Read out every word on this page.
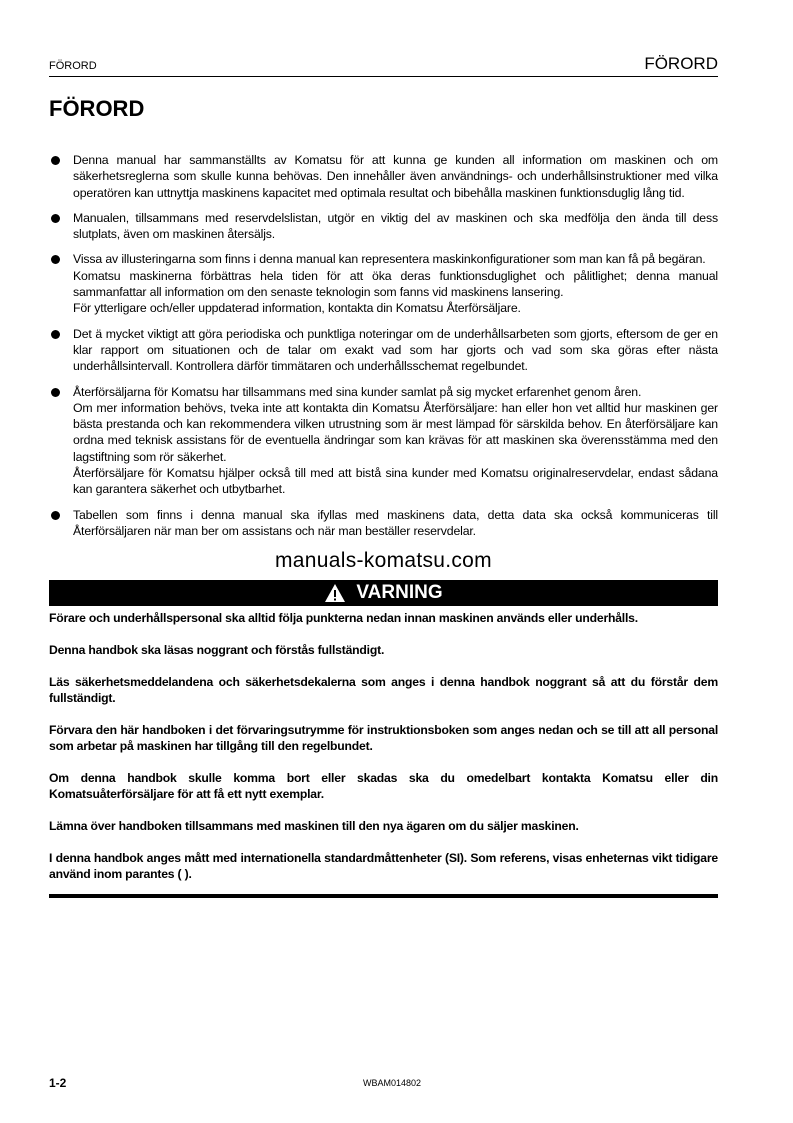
FÖRORD	FÖRORD
FÖRORD
Denna manual har sammanställts av Komatsu för att kunna ge kunden all information om maskinen och om säkerhetsreglerna som skulle kunna behövas. Den innehåller även användnings- och underhållsinstruktioner med vilka operatören kan uttnyttja maskinens kapacitet med optimala resultat och bibehålla maskinen funktionsduglig lång tid.
Manualen, tillsammans med reservdelslistan, utgör en viktig del av maskinen och ska medfölja den ända till dess slutplats, även om maskinen återsäljs.
Vissa av illusteringarna som finns i denna manual kan representera maskinkonfigurationer som man kan få på begäran.
Komatsu maskinerna förbättras hela tiden för att öka deras funktionsduglighet och pålitlighet; denna manual sammanfattar all information om den senaste teknologin som fanns vid maskinens lansering.
För ytterligare och/eller uppdaterad information, kontakta din Komatsu Återförsäljare.
Det ä mycket viktigt att göra periodiska och punktliga noteringar om de underhållsarbeten som gjorts, eftersom de ger en klar rapport om situationen och de talar om exakt vad som har gjorts och vad som ska göras efter nästa underhållsintervall. Kontrollera därför timmätaren och underhållsschemat regelbundet.
Återförsäljarna för Komatsu har tillsammans med sina kunder samlat på sig mycket erfarenhet genom åren.
Om mer information behövs, tveka inte att kontakta din Komatsu Återförsäljare: han eller hon vet alltid hur maskinen ger bästa prestanda och kan rekommendera vilken utrustning som är mest lämpad för särskilda behov. En återförsäljare kan ordna med teknisk assistans för de eventuella ändringar som kan krävas för att maskinen ska överensstämma med den lagstiftning som rör säkerhet.
Återförsäljare för Komatsu hjälper också till med att bistå sina kunder med Komatsu originalreservdelar, endast sådana kan garantera säkerhet och utbytbarhet.
Tabellen som finns i denna manual ska ifyllas med maskinens data, detta data ska också kommuniceras till Återförsäljaren när man ber om assistans och när man beställer reservdelar.
manuals-komatsu.com
VARNING
Förare och underhållspersonal ska alltid följa punkterna nedan innan maskinen används eller underhålls.
Denna handbok ska läsas noggrant och förstås fullständigt.
Läs säkerhetsmeddelandena och säkerhetsdekalerna som anges i denna handbok noggrant så att du förstår dem fullständigt.
Förvara den här handboken i det förvaringsutrymme för instruktionsboken som anges nedan och se till att all personal som arbetar på maskinen har tillgång till den regelbundet.
Om denna handbok skulle komma bort eller skadas ska du omedelbart kontakta Komatsu eller din Komatsuåterförsäljare för att få ett nytt exemplar.
Lämna över handboken tillsammans med maskinen till den nya ägaren om du säljer maskinen.
I denna handbok anges mått med internationella standardmåttenheter (SI). Som referens, visas enheternas vikt tidigare använd inom parantes ( ).
1-2	WBAM014802
